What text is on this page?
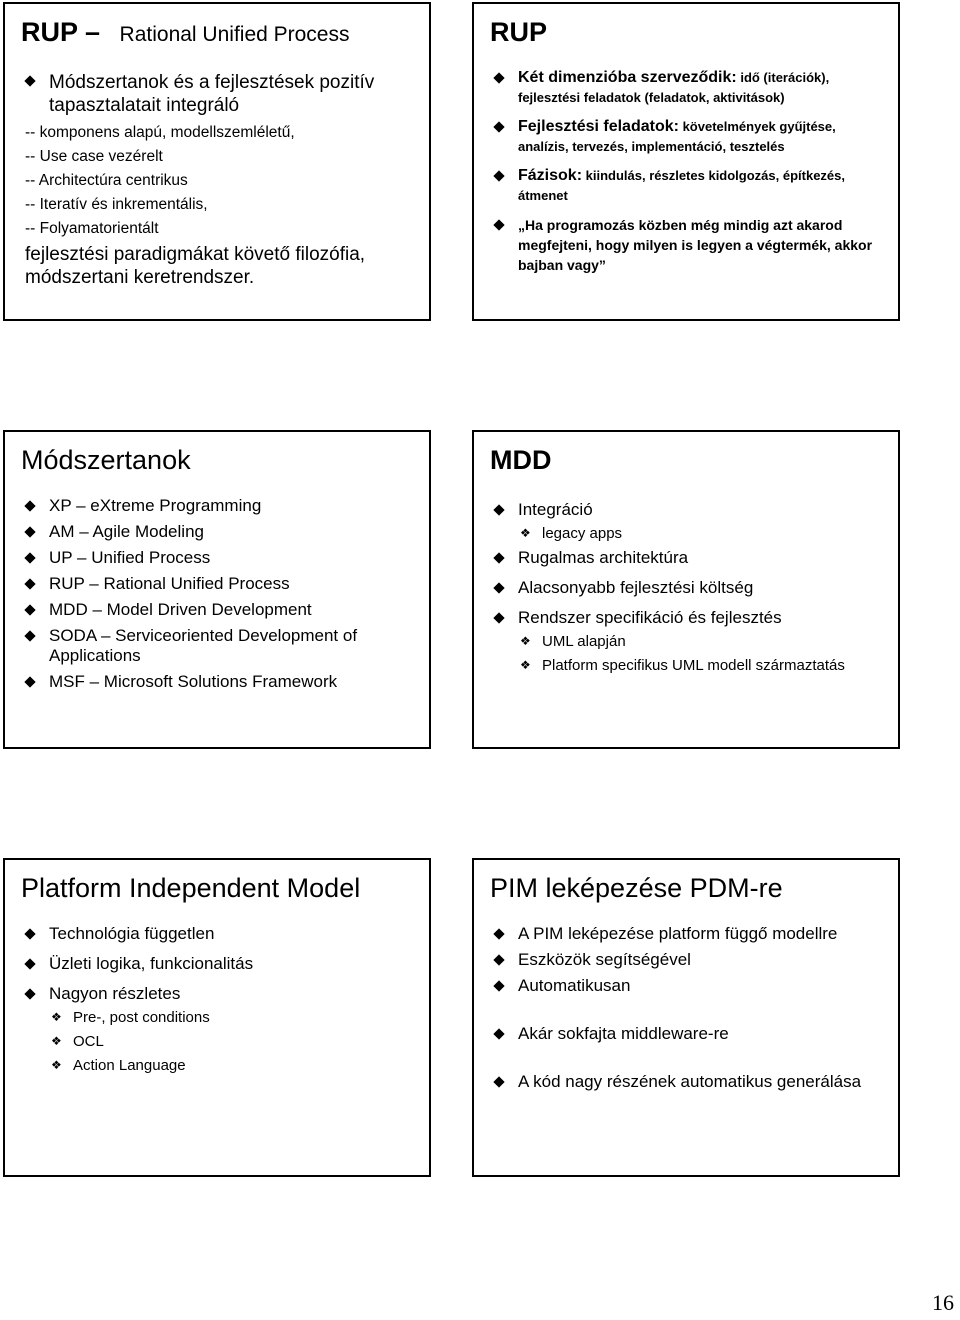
RUP – Rational Unified Process
Módszertanok és a fejlesztések pozitív tapasztalatait integráló
-- komponens alapú, modellszemléletű,
-- Use case vezérelt
-- Architectúra centrikus
-- Iteratív és inkrementális,
-- Folyamatorientált
fejlesztési paradigmákat követő filozófia, módszertani keretrendszer.
RUP
Két dimenzióba szerveződik: idő (iterációk), fejlesztési feladatok (feladatok, aktivitások)
Fejlesztési feladatok: követelmények gyűjtése, analízis, tervezés, implementáció, tesztelés
Fázisok: kiindulás, részletes kidolgozás, építkezés, átmenet
„Ha programozás közben még mindig azt akarod megfejteni, hogy milyen is legyen a végtermék, akkor bajban vagy”
Módszertanok
XP – eXtreme Programming
AM – Agile Modeling
UP – Unified Process
RUP – Rational Unified Process
MDD – Model Driven Development
SODA – Serviceoriented Development of Applications
MSF – Microsoft Solutions Framework
MDD
Integráció
❖ legacy apps
Rugalmas architektúra
Alacsonyabb fejlesztési költség
Rendszer specifikáció és fejlesztés
❖ UML alapján
❖ Platform specifikus UML modell származtatás
Platform Independent Model
Technológia független
Üzleti logika, funkcionalitás
Nagyon részletes
❖ Pre-, post conditions
❖ OCL
❖ Action Language
PIM leképezése PDM-re
A PIM leképezése platform függő modellre
Eszközök segítségével
Automatikusan
Akár sokfajta middleware-re
A kód nagy részének automatikus generálása
16
